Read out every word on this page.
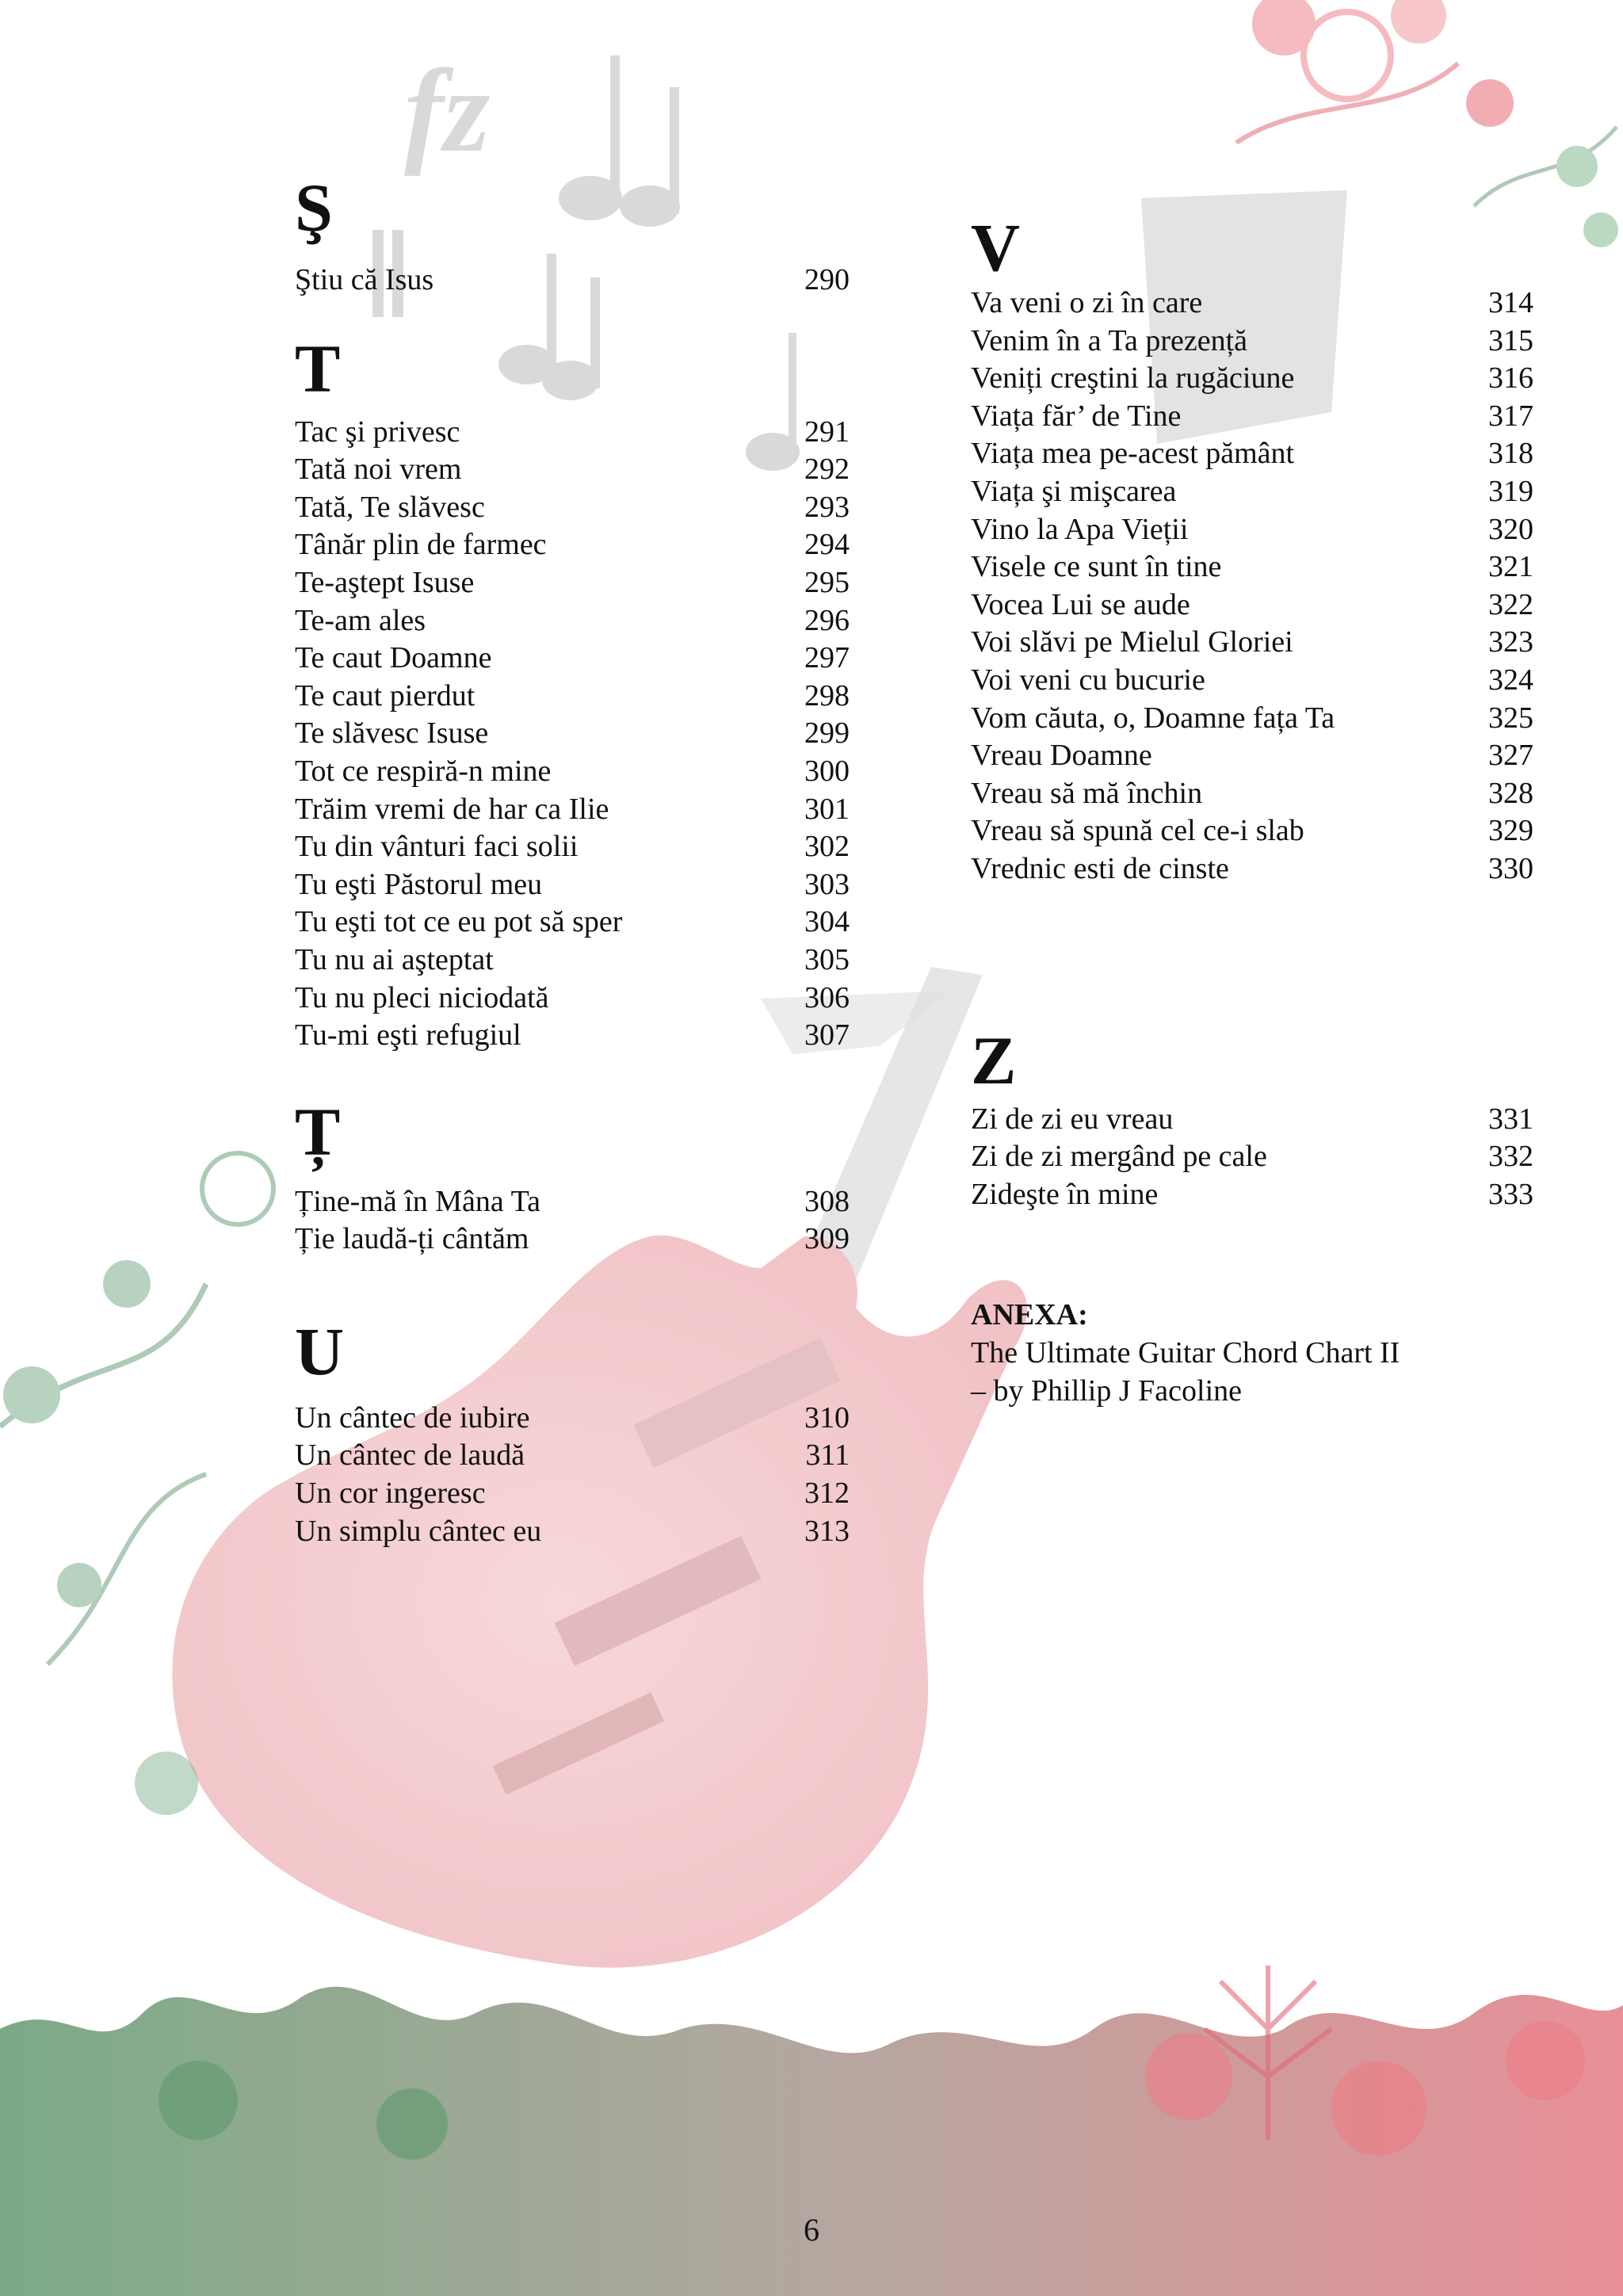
fz
Ş
Ştiu că Isus	290
T
Tac şi privesc	291
Tată noi vrem	292
Tată, Te slăvesc	293
Tânăr plin de farmec	294
Te-aştept Isuse	295
Te-am ales	296
Te caut Doamne	297
Te caut pierdut	298
Te slăvesc Isuse	299
Tot ce respiră-n mine	300
Trăim vremi de har ca Ilie	301
Tu din vânturi faci solii	302
Tu eşti Păstorul meu	303
Tu eşti tot ce eu pot să sper	304
Tu nu ai aşteptat	305
Tu nu pleci niciodată	306
Tu-mi eşti refugiul	307
Ț
Ține-mă în Mâna Ta	308
Ție laudă-ți cântăm	309
U
Un cântec de iubire	310
Un cântec de laudă	311
Un cor ingeresc	312
Un simplu cântec eu	313
V
Va veni o zi în care	314
Venim în a Ta prezență	315
Veniți creştini la rugăciune	316
Viața făr’ de Tine	317
Viața mea pe-acest pământ	318
Viața şi mişcarea	319
Vino la Apa Vieții	320
Visele ce sunt în tine	321
Vocea Lui se aude	322
Voi slăvi pe Mielul Gloriei	323
Voi veni cu bucurie	324
Vom căuta, o, Doamne fața Ta	325
Vreau Doamne	327
Vreau să mă închin	328
Vreau să spună cel ce-i slab	329
Vrednic esti de cinste	330
Z
Zi de zi eu vreau	331
Zi de zi mergând pe cale	332
Zideşte în mine	333
ANEXA:
The Ultimate Guitar Chord Chart II
– by Phillip J Facoline
6
